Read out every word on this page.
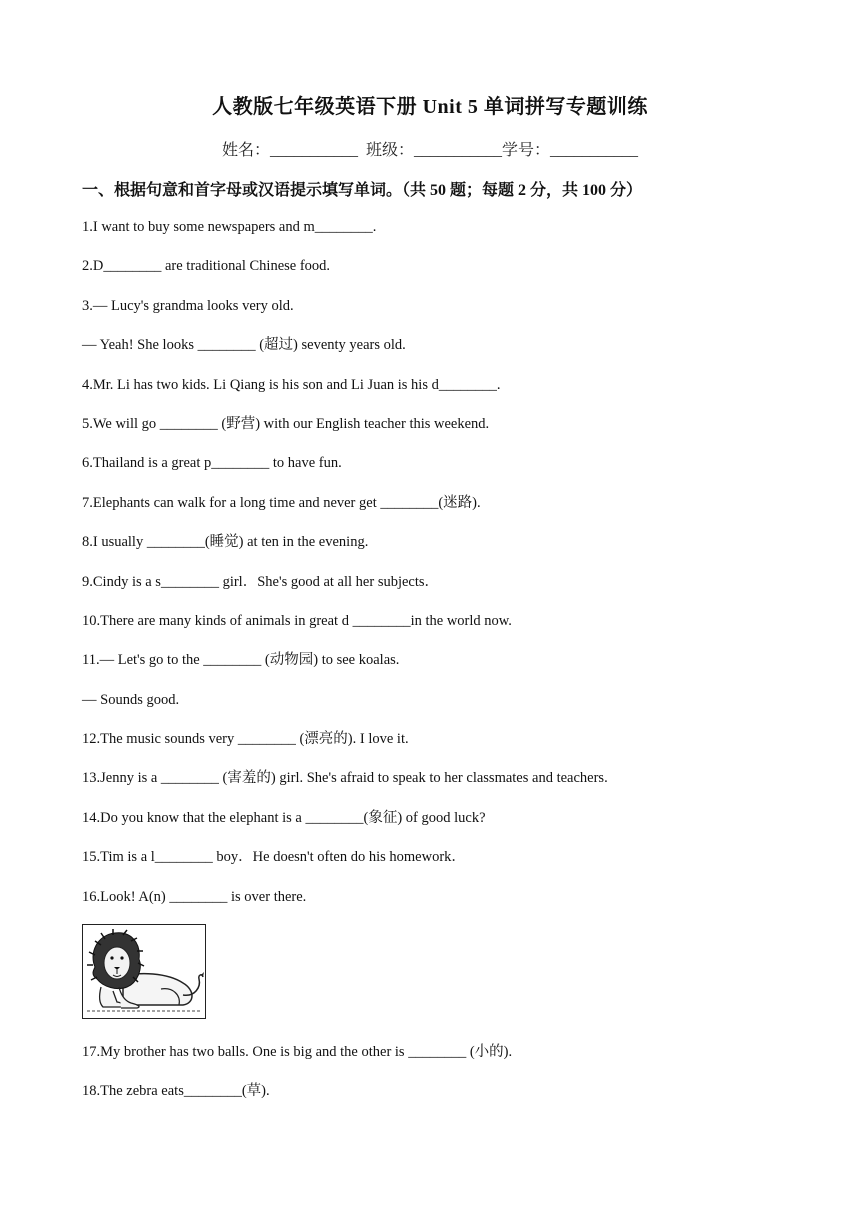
人教版七年级英语下册 Unit 5 单词拼写专题训练
姓名：___________  班级：___________学号：___________
一、根据句意和首字母或汉语提示填写单词。（共 50 题；每题 2 分，共 100 分）
1.I want to buy some newspapers and m________.
2.D________ are traditional Chinese food.
3.— Lucy's grandma looks very old.
— Yeah! She looks ________ (超过) seventy years old.
4.Mr. Li has two kids. Li Qiang is his son and Li Juan is his d________.
5.We will go ________ (野营) with our English teacher this weekend.
6.Thailand is a great p________ to have fun.
7.Elephants can walk for a long time and never get ________(迷路).
8.I usually ________(睡觉) at ten in the evening.
9.Cindy is a s________ girl．She's good at all her subjects．
10.There are many kinds of animals in great d ________in the world now.
11.— Let's go to the ________ (动物园) to see koalas.
— Sounds good.
12.The music sounds very ________ (漂亮的). I love it.
13.Jenny is a ________ (害羞的) girl. She's afraid to speak to her classmates and teachers.
14.Do you know that the elephant is a ________(象征) of good luck?
15.Tim is a l________ boy．He doesn't often do his homework．
16.Look! A(n) ________ is over there.
17.My brother has two balls. One is big and the other is ________ (小的).
18.The zebra eats________(草).
